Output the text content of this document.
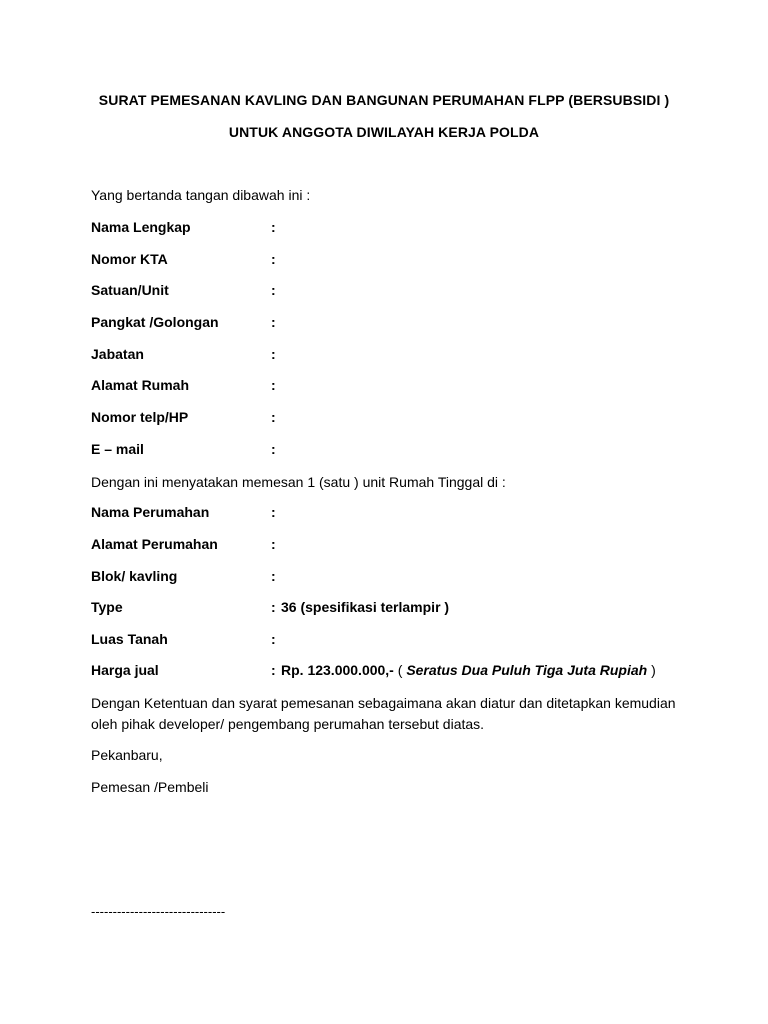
SURAT PEMESANAN KAVLING DAN BANGUNAN PERUMAHAN FLPP (BERSUBSIDI )
UNTUK ANGGOTA DIWILAYAH KERJA POLDA
Yang bertanda tangan dibawah ini :
Nama Lengkap	:
Nomor KTA	:
Satuan/Unit	:
Pangkat /Golongan	:
Jabatan	:
Alamat Rumah	:
Nomor telp/HP	:
E – mail	:
Dengan ini menyatakan memesan 1 (satu ) unit Rumah Tinggal di :
Nama Perumahan	:
Alamat Perumahan	:
Blok/ kavling	:
Type	: 36 (spesifikasi terlampir )
Luas Tanah	:
Harga jual	: Rp. 123.000.000,- ( Seratus Dua Puluh Tiga Juta Rupiah )
Dengan Ketentuan dan syarat pemesanan sebagaimana akan diatur dan ditetapkan kemudian
oleh pihak developer/ pengembang perumahan tersebut diatas.
Pekanbaru,
Pemesan /Pembeli
-------------------------------
